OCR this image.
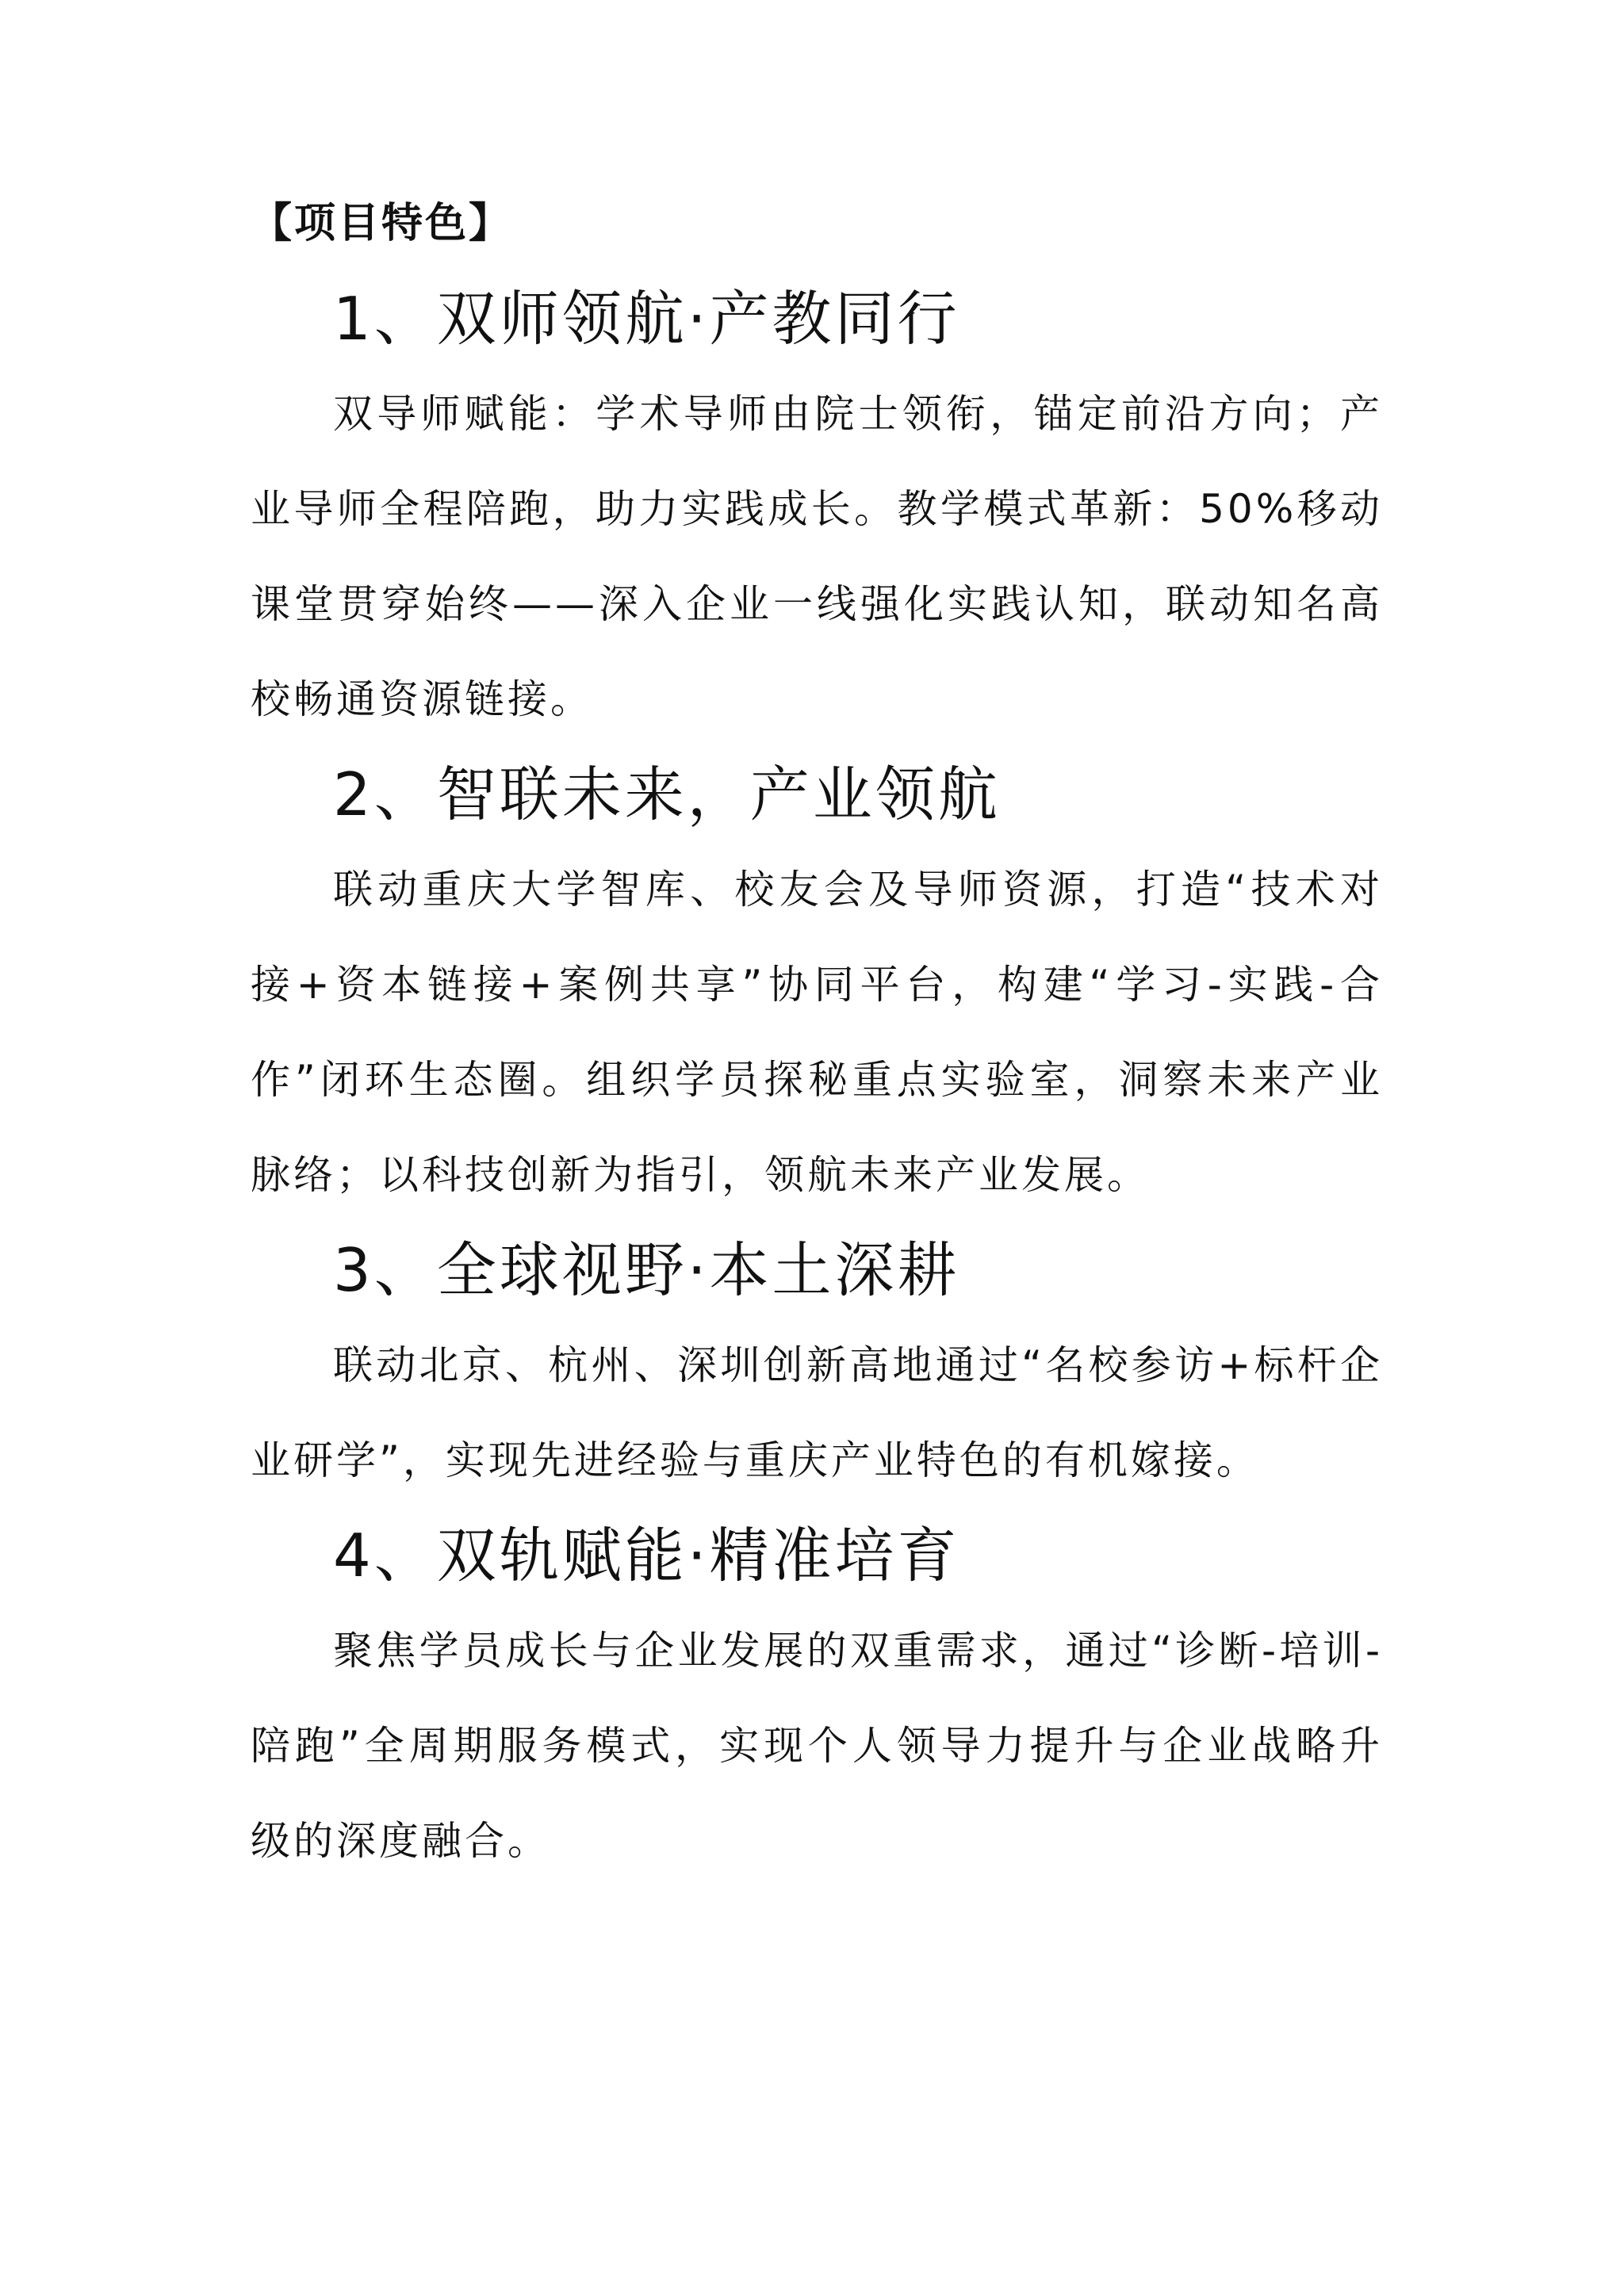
【项目特色】
1、双师领航·产教同行

双导师赋能：学术导师由院士领衔，锚定前沿方向；产业导师全程陪跑，助力实践成长。教学模式革新：50%移动课堂贯穿始终——深入企业一线强化实践认知，联动知名高校畅通资源链接。

2、智联未来，产业领航

联动重庆大学智库、校友会及导师资源，打造“技术对接+资本链接+案例共享”协同平台，构建“学习-实践-合作”闭环生态圈。组织学员探秘重点实验室，洞察未来产业脉络；以科技创新为指引，领航未来产业发展。

3、全球视野·本土深耕

联动北京、杭州、深圳创新高地通过“名校参访+标杆企业研学”，实现先进经验与重庆产业特色的有机嫁接。

4、双轨赋能·精准培育

聚焦学员成长与企业发展的双重需求，通过“诊断-培训-陪跑”全周期服务模式，实现个人领导力提升与企业战略升级的深度融合。
